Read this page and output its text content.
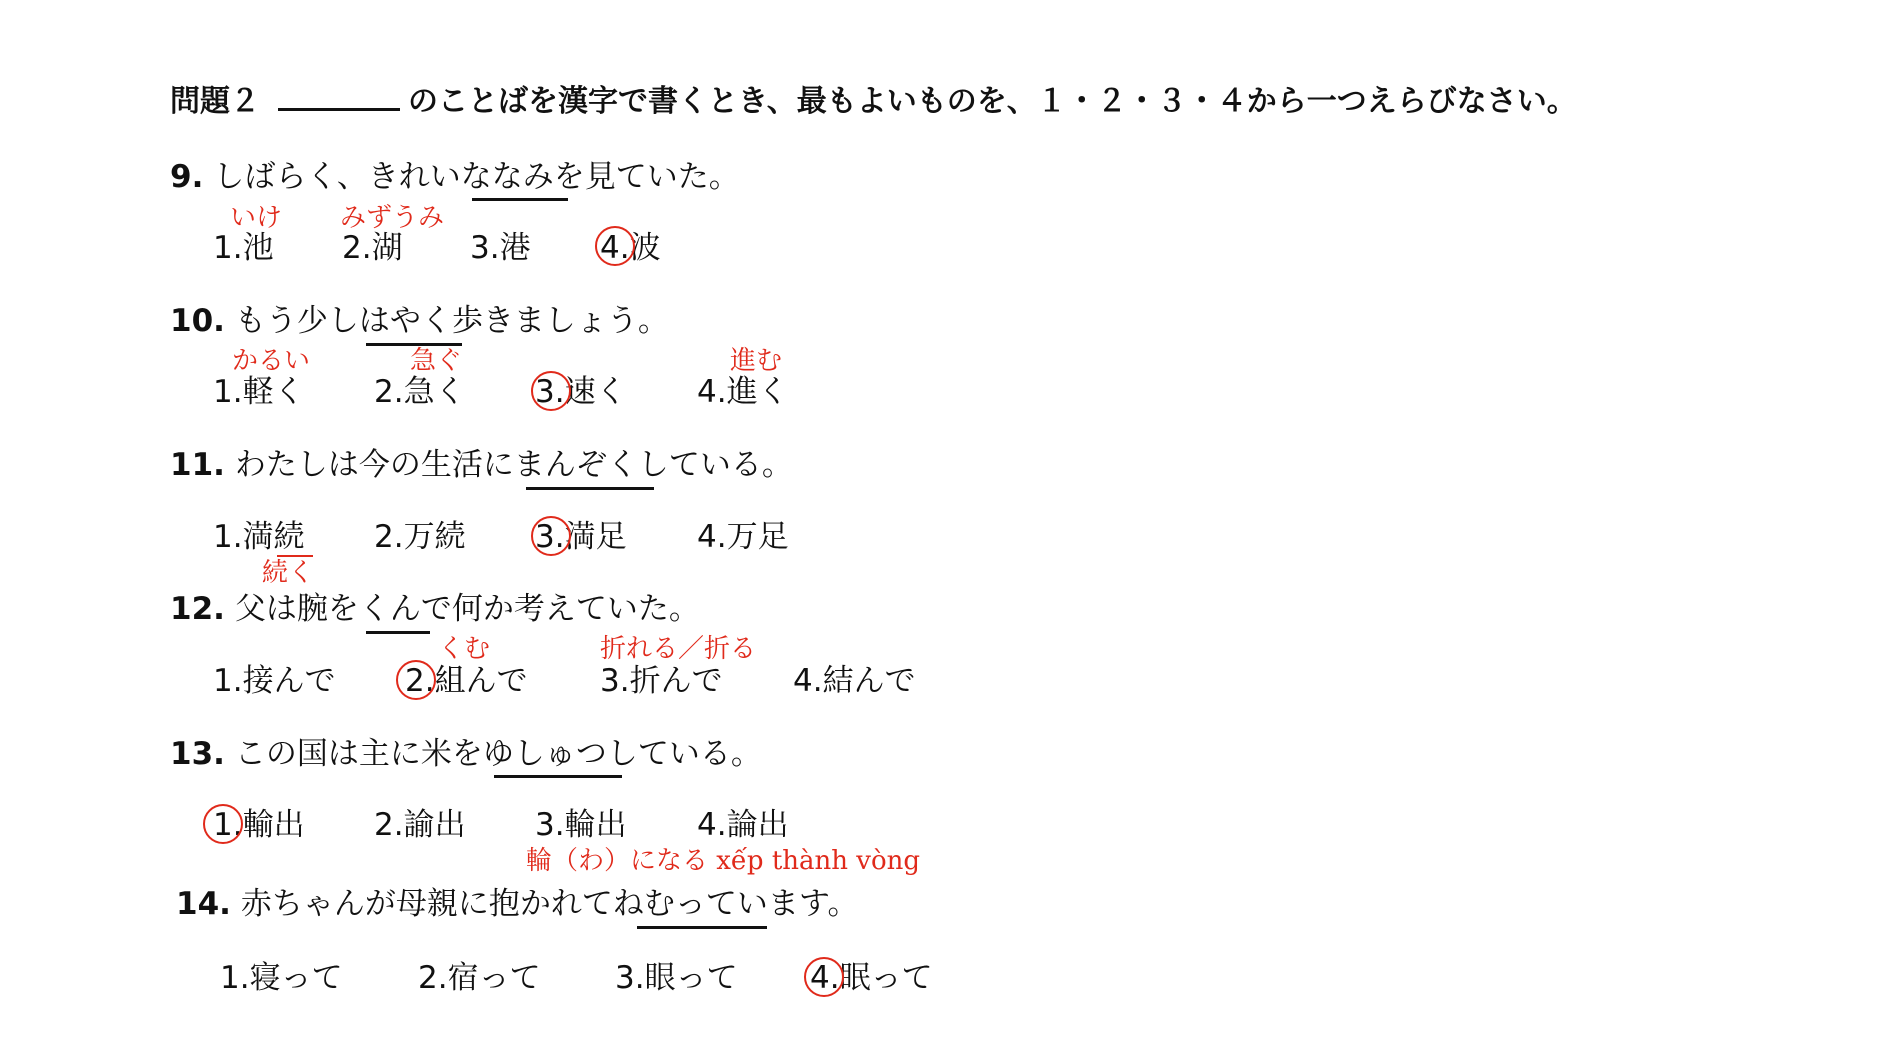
問題２	のことばを漢字で書くとき、最もよいものを、１・２・３・４から一つえらびなさい。
9. しばらく、きれいななみを見ていた。
いけ みずうみ
1.池 2.湖 3.港 4.波
10. もう少しはやく歩きましょう。
かるい	急ぐ	進む
1.軽く 2.急く 3.速く 4.進く
11. わたしは今の生活にまんぞくしている。
1.満続 2.万続 3.満足 4.万足
続く
12. 父は腕をくんで何か考えていた。
くむ	折れる／折る
1.接んで 2.組んで 3.折んで 4.結んで
13. この国は主に米をゆしゅつしている。
1.輸出 2.諭出 3.輪出 4.論出
輪（わ）になる xếp thành vòng
14. 赤ちゃんが母親に抱かれてねむっています。
1.寝って 2.宿って 3.眼って 4.眠って
